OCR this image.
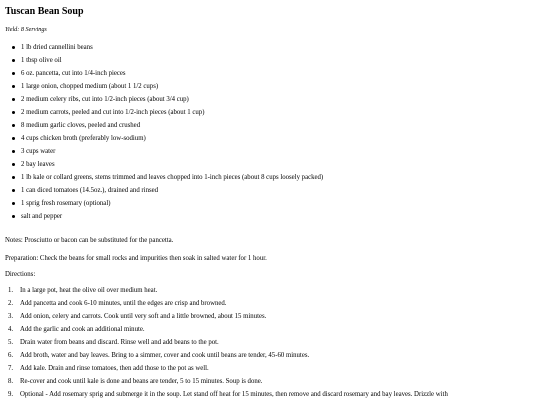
Tuscan Bean Soup

Yield: 8 Servings

1 lb dried cannellini beans
1 tbsp olive oil
6 oz. pancetta, cut into 1/4-inch pieces
1 large onion, chopped medium (about 1 1/2 cups)
2 medium celery ribs, cut into 1/2-inch pieces (about 3/4 cup)
2 medium carrots, peeled and cut into 1/2-inch pieces (about 1 cup)
8 medium garlic cloves, peeled and crushed
4 cups chicken broth (preferably low-sodium)
3 cups water
2 bay leaves
1 lb kale or collard greens, stems trimmed and leaves chopped into 1-inch pieces (about 8 cups loosely packed)
1 can diced tomatoes (14.5oz.), drained and rinsed
1 sprig fresh rosemary (optional)
salt and pepper

Notes: Prosciutto or bacon can be substituted for the pancetta.

Preparation: Check the beans for small rocks and impurities then soak in salted water for 1 hour.

Directions:

In a large pot, heat the olive oil over medium heat.
Add pancetta and cook 6-10 minutes, until the edges are crisp and browned.
Add onion, celery and carrots. Cook until very soft and a little browned, about 15 minutes.
Add the garlic and cook an additional minute.
Drain water from beans and discard. Rinse well and add beans to the pot.
Add broth, water and bay leaves. Bring to a simmer, cover and cook until beans are tender, 45-60 minutes.
Add kale. Drain and rinse tomatoes, then add those to the pot as well.
Re-cover and cook until kale is done and beans are tender, 5 to 15 minutes. Soup is done.
Optional - Add rosemary sprig and submerge it in the soup. Let stand off heat for 15 minutes, then remove and discard rosemary and bay leaves. Drizzle with
